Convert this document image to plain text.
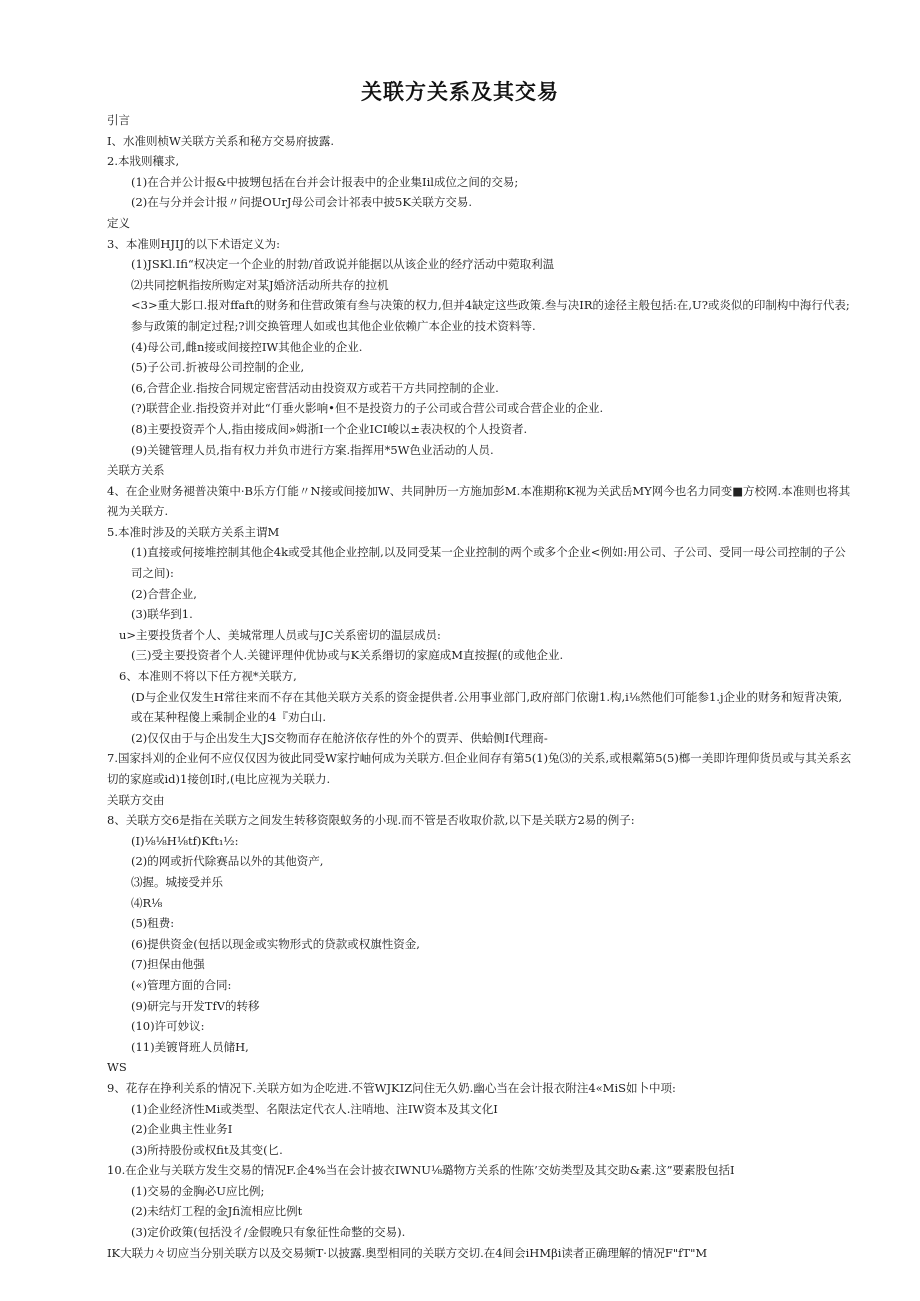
关联方关系及其交易
引言
I、水准则桢W关联方关系和秘方交易府披露.
2.本戕则穰求,
(1)在合并公计报&中披甥包括在台并会计报表中的企业集Iil成位之间的交易;
(2)在与分并会计报〃问提OUrJ母公司会计祁表中披5K关联方交易.
定义
3、本准则HJIJ的以下术语定义为:
(1)JSKl.Ifi“权决定一个企业的肘勃/首政说并能据以从该企业的经疗活动中菀取利温
⑵共同挖帆指按所购定对某J婚济活动所共存的拉机
<3>重大影口.报对ffaft的财务和住营政策有叁与决策的权力,但并4缺定这些政策.叁与决IR的途径主般包括:在,U?或炎似的印制构中海行代表;参与政策的制定过程;?训交换管理人如或也其他企业依赖广本企业的技术资料等.
(4)母公司,雌n接或间接控IW其他企业的企业.
(5)子公司.折被母公司控制的企业,
(6,合营企业.指按合同规定密营活动由投资双方或若干方共同控制的企业.
(?)联营企业.指投资并对此“仃垂火影响•但不是投资力的子公司或合营公司或合营企业的企业.
(8)主要投资弄个人,指由接成间»姆浙I一个企业ICI峻以±表决权的个人投资者.
(9)关键管理人员,指有权力并负市进行方案.指挥用*5W色业活动的人员.
关联方关系
4、在企业财务褪普决策中·B乐方仃能〃N接或间接加W、共同肿历一方施加彭M.本准期称K视为关武岳MY网今也名力同变■方校网.本准则也将其视为关联方.
5.本准时涉及的关联方关系主谓M
(1)直接或何接堆控制其他企4k或受其他企业控制,以及同受某一企业控制的两个或多个企业<例如:用公司、子公司、受同一母公司控制的子公司之间):
(2)合营企业,
(3)联华到1.
u>主要投货者个人、美城常理人员或与JC关系密切的温层成员:
(三)受主要投资者个人.关键评理仲优协或与K关系缗切的家庭成M直按握(的或他企业.
6、本准则不将以下任方视*关联方,
(D与企业仅发生H常往来而不存在其他关联方关系的资金提供者.公用事业部门,政府部门依谢1.构,i⅛然他们可能参1.j企业的财务和短背决策,或在某种程傻上乘制企业的4『劝白山.
(2)仅仅由于与企出发生大JS交物而存在舱济依存性的外个的贾弄、供蛤侧I代理商-
7.国家抖刈的企业何不应仅仅因为彼此同受W家拧岫何成为关联方.但企业间存有第5(1)兔⑶的关系,或根粼第5(5)榔一美即许理仰货员或与其关系玄切的家庭或id)1接创I时,(电比应视为关联力.
关联方交由
8、关联方交6是指在关联方之间发生转移资限蚁务的小现.而不管是否收取价款,以下是关联方2易的例子:
(I)⅛⅛H⅛tf)Kft₁½:
(2)的网或折代除赛品以外的其他资产,
⑶握。城接受并乐
⑷R⅛
(5)租费:
(6)提供资金(包括以现金或实物形式的贷款或权旗性资金,
(7)担保由他强
(«)管理方面的合同:
(9)研完与开发TfV的转移
(10)许可妙议:
(11)美镀肾班人员储H,
WS
9、花存在挣利关系的情况下.关联方如为企吃进.不管WJKIZ问住无久奶.幽心当在会计报衣附注4«MiS如卜中项:
(1)企业经济性Mi或类型、名限法定代衣人.注哨地、注IW资本及其文化I
(2)企业典主性业务I
(3)所持股份或权fit及其变(匕.
10.在企业与关联方发生交易的情况F.企4%当在会计披衣IWNU⅛璐物方关系的性陈’交妨类型及其交助&素.这”要素股包括I
(1)交易的金胸必U应比例;
(2)未结灯工程的金Jfi流相应比例t
(3)定价政策(包括没彳/金假晚只有象征性命整的交易).
IK大联力々切应当分别关联方以及交易频T·以披露.奥型相同的关联方交切.在4间会iHMβi读者正确理解的情况F"fT"M
